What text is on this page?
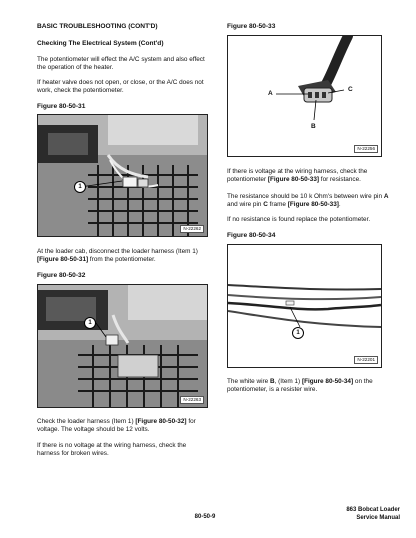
BASIC TROUBLESHOOTING (CONT'D)
Checking The Electrical System (Cont'd)
The potentiometer will effect the A/C system and also effect the operation of the heater.
If heater valve does not open, or close, or the A/C does not work, check the potentiometer.
Figure 80-50-31
1
N-22262
At the loader cab, disconnect the loader harness (Item 1) [Figure 80-50-31] from the potentiometer.
Figure 80-50-32
1
N-22263
Check the loader harness (Item 1) [Figure 80-50-32] for voltage. The voltage should be 12 volts.
If there is no voltage at the wiring harness, check the harness for broken wires.
Figure 80-50-33
A
C
B
N-22256
If there is voltage at the wiring harness, check the potentiometer [Figure 80-50-33] for resistance.
The resistance should be 10 k Ohm's between wire pin A and wire pin C frame [Figure 80-50-33].
If no resistance is found replace the potentiometer.
Figure 80-50-34
1
N-22201
The white wire B, (Item 1) [Figure 80-50-34] on the potentiometer, is a resister wire.
80-50-9
863 Bobcat Loader
Service Manual
